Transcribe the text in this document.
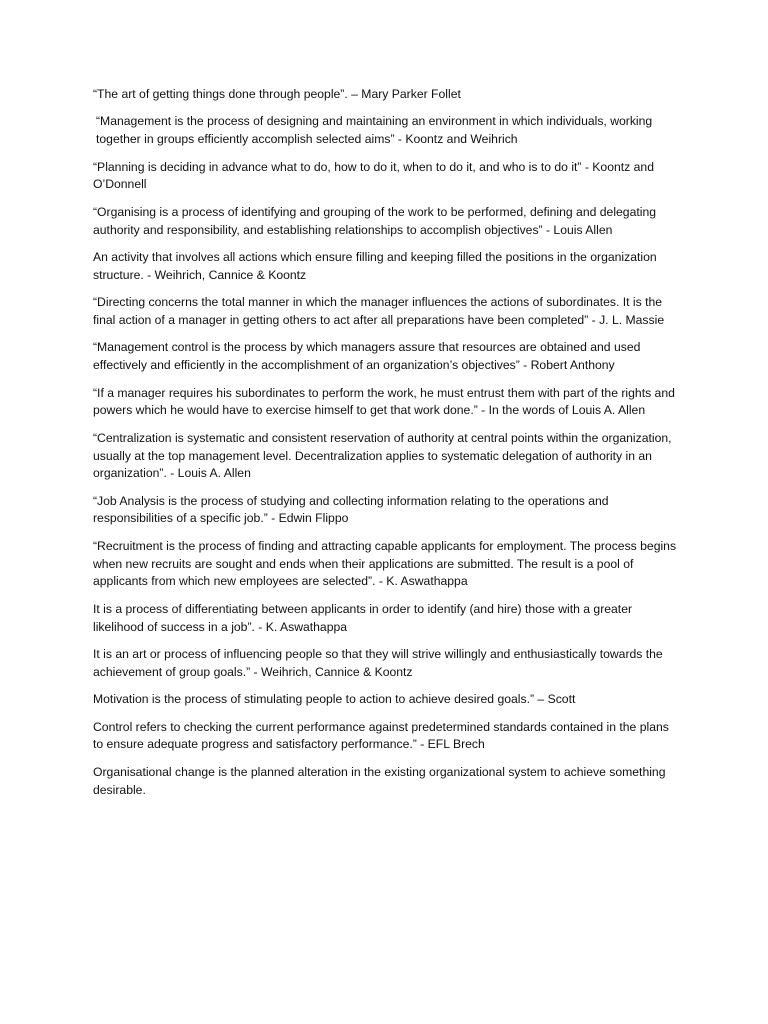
“The art of getting things done through people”. – Mary Parker Follet

“Management is the process of designing and maintaining an environment in which individuals, working together in groups efficiently accomplish selected aims” - Koontz and Weihrich

“Planning is deciding in advance what to do, how to do it, when to do it, and who is to do it” - Koontz and O’Donnell

“Organising is a process of identifying and grouping of the work to be performed, defining and delegating authority and responsibility, and establishing relationships to accomplish objectives” - Louis Allen

An activity that involves all actions which ensure filling and keeping filled the positions in the organization structure. - Weihrich, Cannice & Koontz

“Directing concerns the total manner in which the manager influences the actions of subordinates. It is the final action of a manager in getting others to act after all preparations have been completed” - J. L. Massie

“Management control is the process by which managers assure that resources are obtained and used effectively and efficiently in the accomplishment of an organization’s objectives” - Robert Anthony

“If a manager requires his subordinates to perform the work, he must entrust them with part of the rights and powers which he would have to exercise himself to get that work done.” - In the words of Louis A. Allen

“Centralization is systematic and consistent reservation of authority at central points within the organization, usually at the top management level. Decentralization applies to systematic delegation of authority in an organization”. - Louis A. Allen

“Job Analysis is the process of studying and collecting information relating to the operations and responsibilities of a specific job.” - Edwin Flippo

“Recruitment is the process of finding and attracting capable applicants for employment. The process begins when new recruits are sought and ends when their applications are submitted. The result is a pool of applicants from which new employees are selected”. - K. Aswathappa

It is a process of differentiating between applicants in order to identify (and hire) those with a greater likelihood of success in a job”. - K. Aswathappa

It is an art or process of influencing people so that they will strive willingly and enthusiastically towards the achievement of group goals.” - Weihrich, Cannice & Koontz

Motivation is the process of stimulating people to action to achieve desired goals.” – Scott

Control refers to checking the current performance against predetermined standards contained in the plans to ensure adequate progress and satisfactory performance.” - EFL Brech

Organisational change is the planned alteration in the existing organizational system to achieve something desirable.
